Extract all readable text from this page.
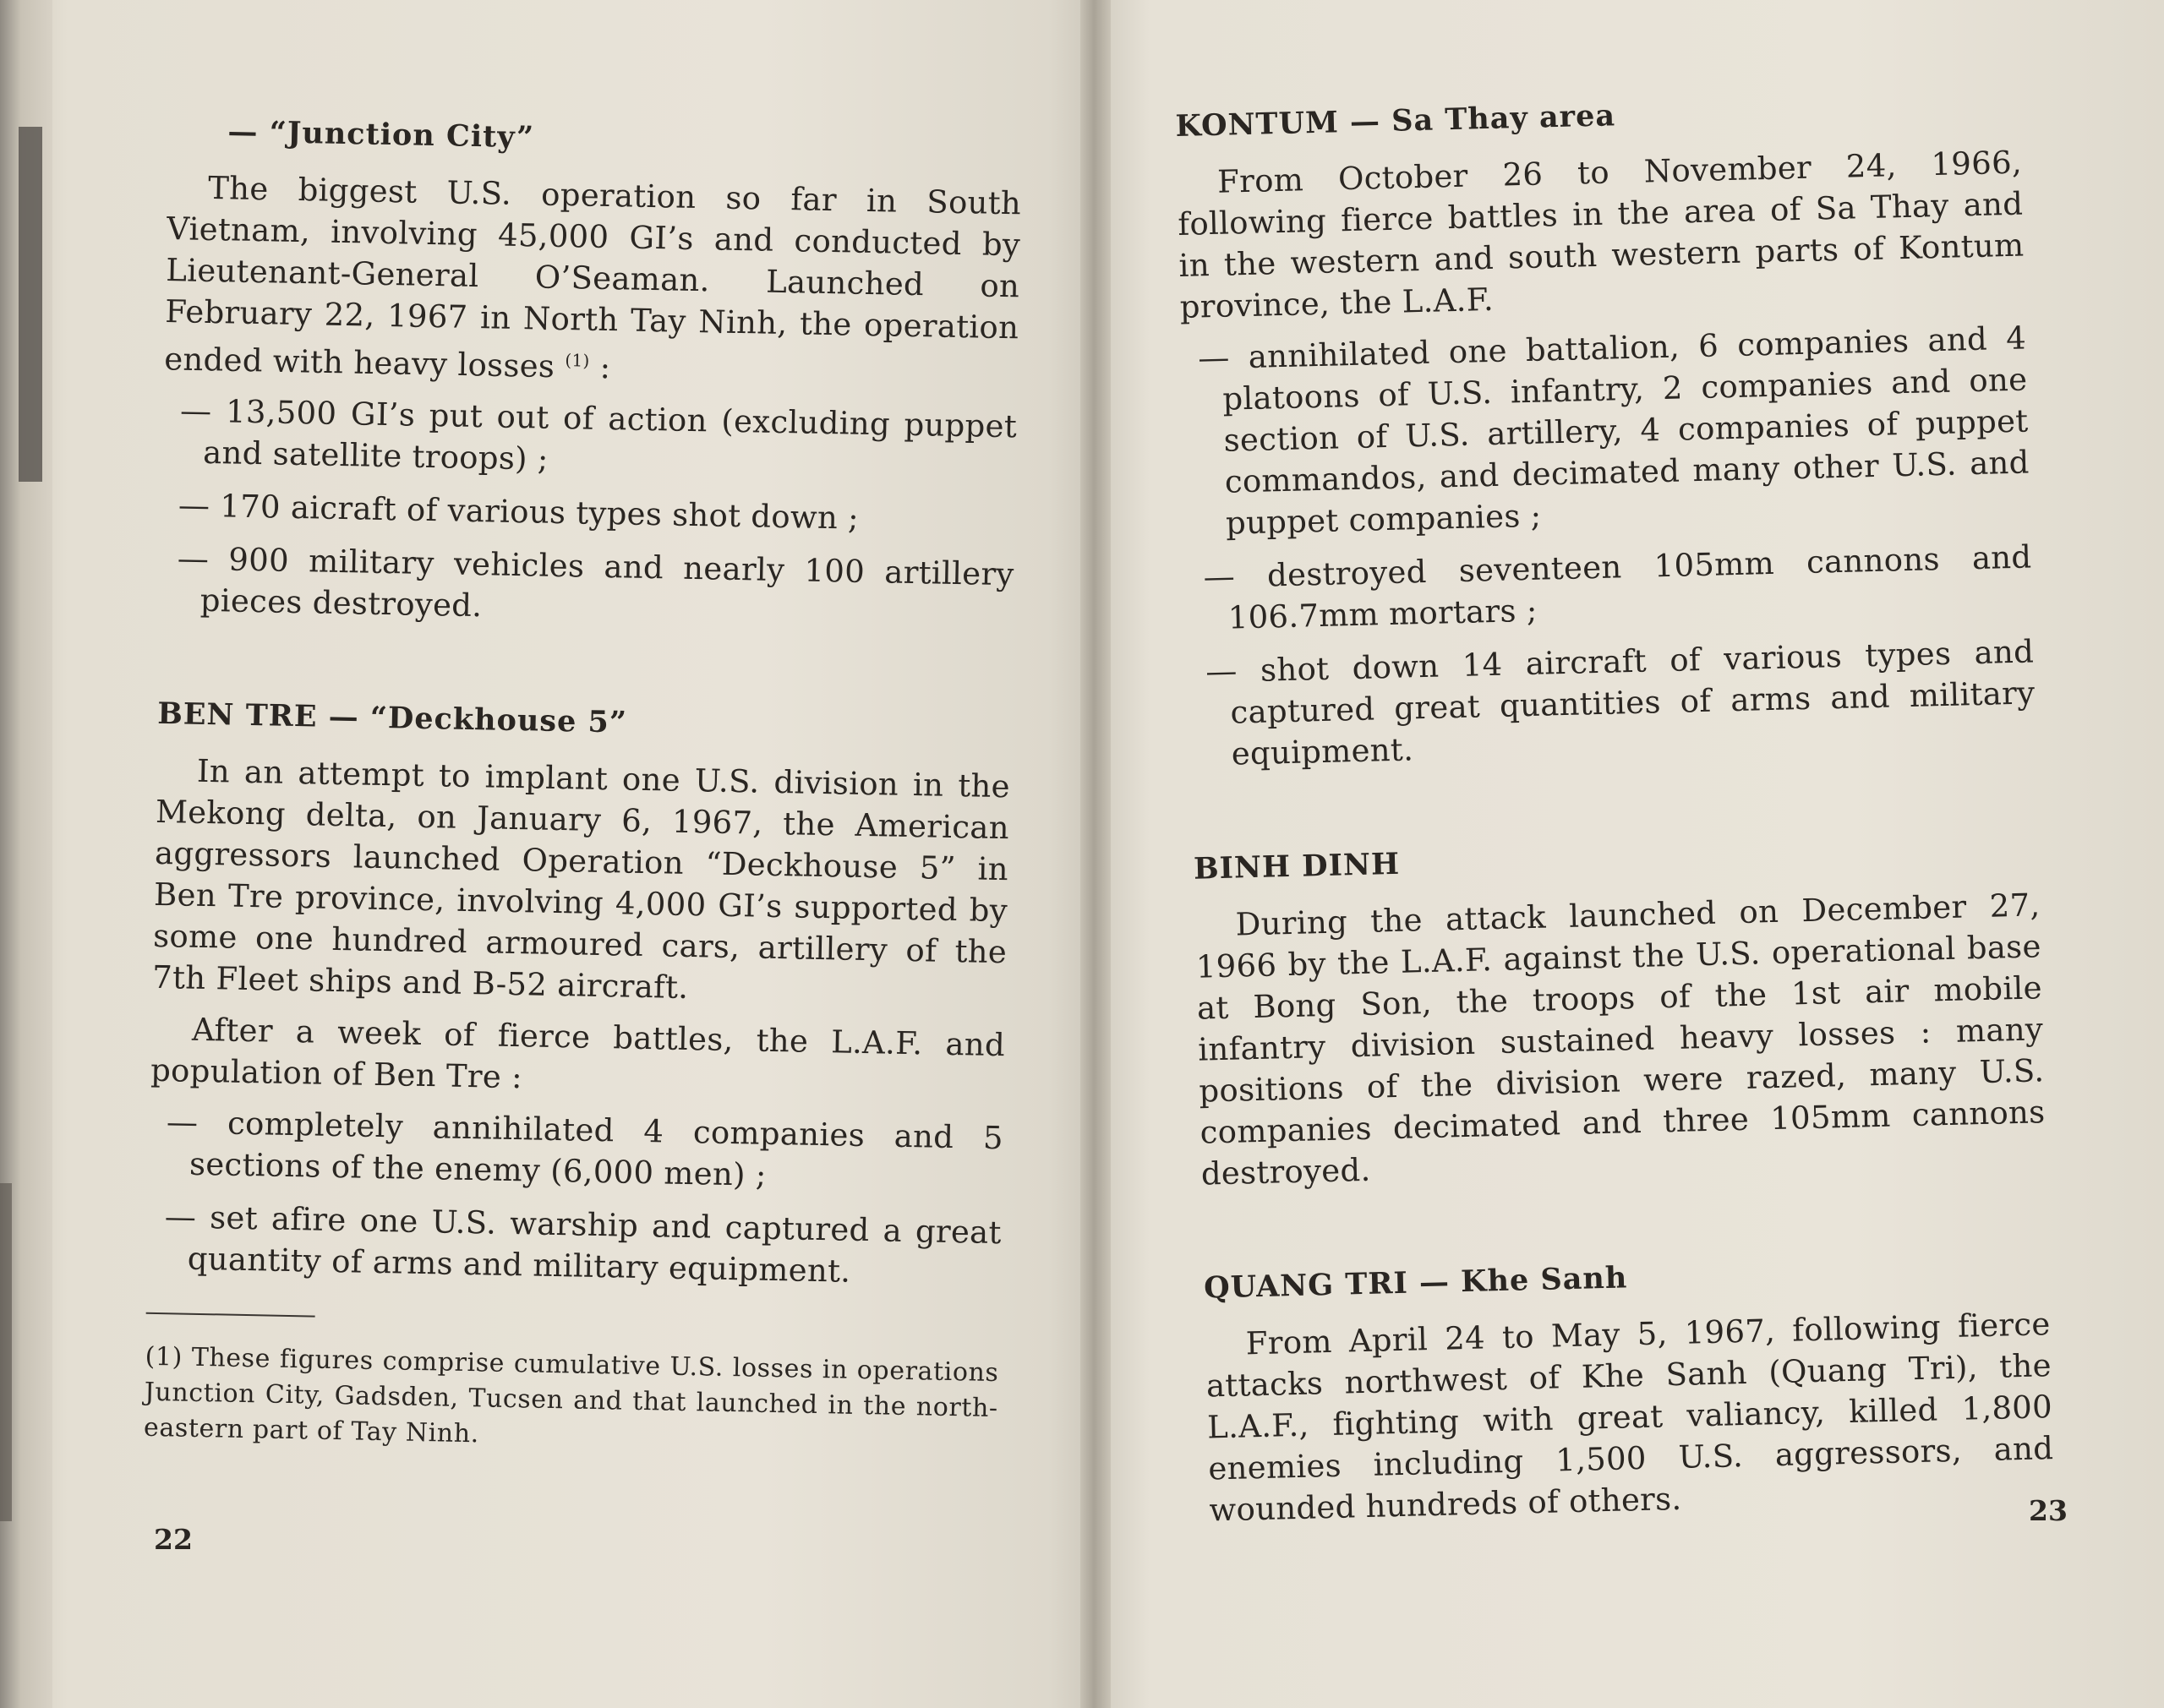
— “Junction City”

The biggest U.S. operation so far in South Vietnam, involving 45,000 GI’s and conducted by Lieutenant-General O’Seaman. Launched on February 22, 1967 in North Tay Ninh, the operation ended with heavy losses $^{(1)}$ :

— 13,500 GI’s put out of action (excluding puppet and satellite troops) ;

— 170 aicraft of various types shot down ;

— 900 military vehicles and nearly 100 artillery pieces destroyed.

BEN TRE — “Deckhouse 5”

In an attempt to implant one U.S. division in the Mekong delta, on January 6, 1967, the American aggressors launched Operation “Deckhouse 5” in Ben Tre province, involving 4,000 GI’s supported by some one hundred armoured cars, artillery of the 7th Fleet ships and B-52 aircraft.

After a week of fierce battles, the L.A.F. and population of Ben Tre :

— completely annihilated 4 companies and 5 sections of the enemy (6,000 men) ;

— set afire one U.S. warship and captured a great quantity of arms and military equipment.

(1) These figures comprise cumulative U.S. losses in operations Junction City, Gadsden, Tucsen and that launched in the north-eastern part of Tay Ninh.

22
KONTUM — Sa Thay area

From October 26 to November 24, 1966, following fierce battles in the area of Sa Thay and in the western and south western parts of Kontum province, the L.A.F.

— annihilated one battalion, 6 companies and 4 platoons of U.S. infantry, 2 companies and one section of U.S. artillery, 4 companies of puppet commandos, and decimated many other U.S. and puppet companies ;

— destroyed seventeen 105mm cannons and 106.7mm mortars ;

— shot down 14 aircraft of various types and captured great quantities of arms and military equipment.

BINH DINH

During the attack launched on December 27, 1966 by the L.A.F. against the U.S. operational base at Bong Son, the troops of the 1st air mobile infantry division sustained heavy losses : many positions of the division were razed, many U.S. companies decimated and three 105mm cannons destroyed.

QUANG TRI — Khe Sanh

From April 24 to May 5, 1967, following fierce attacks northwest of Khe Sanh (Quang Tri), the L.A.F., fighting with great valiancy, killed 1,800 enemies including 1,500 U.S. aggressors, and wounded hundreds of others.	23
